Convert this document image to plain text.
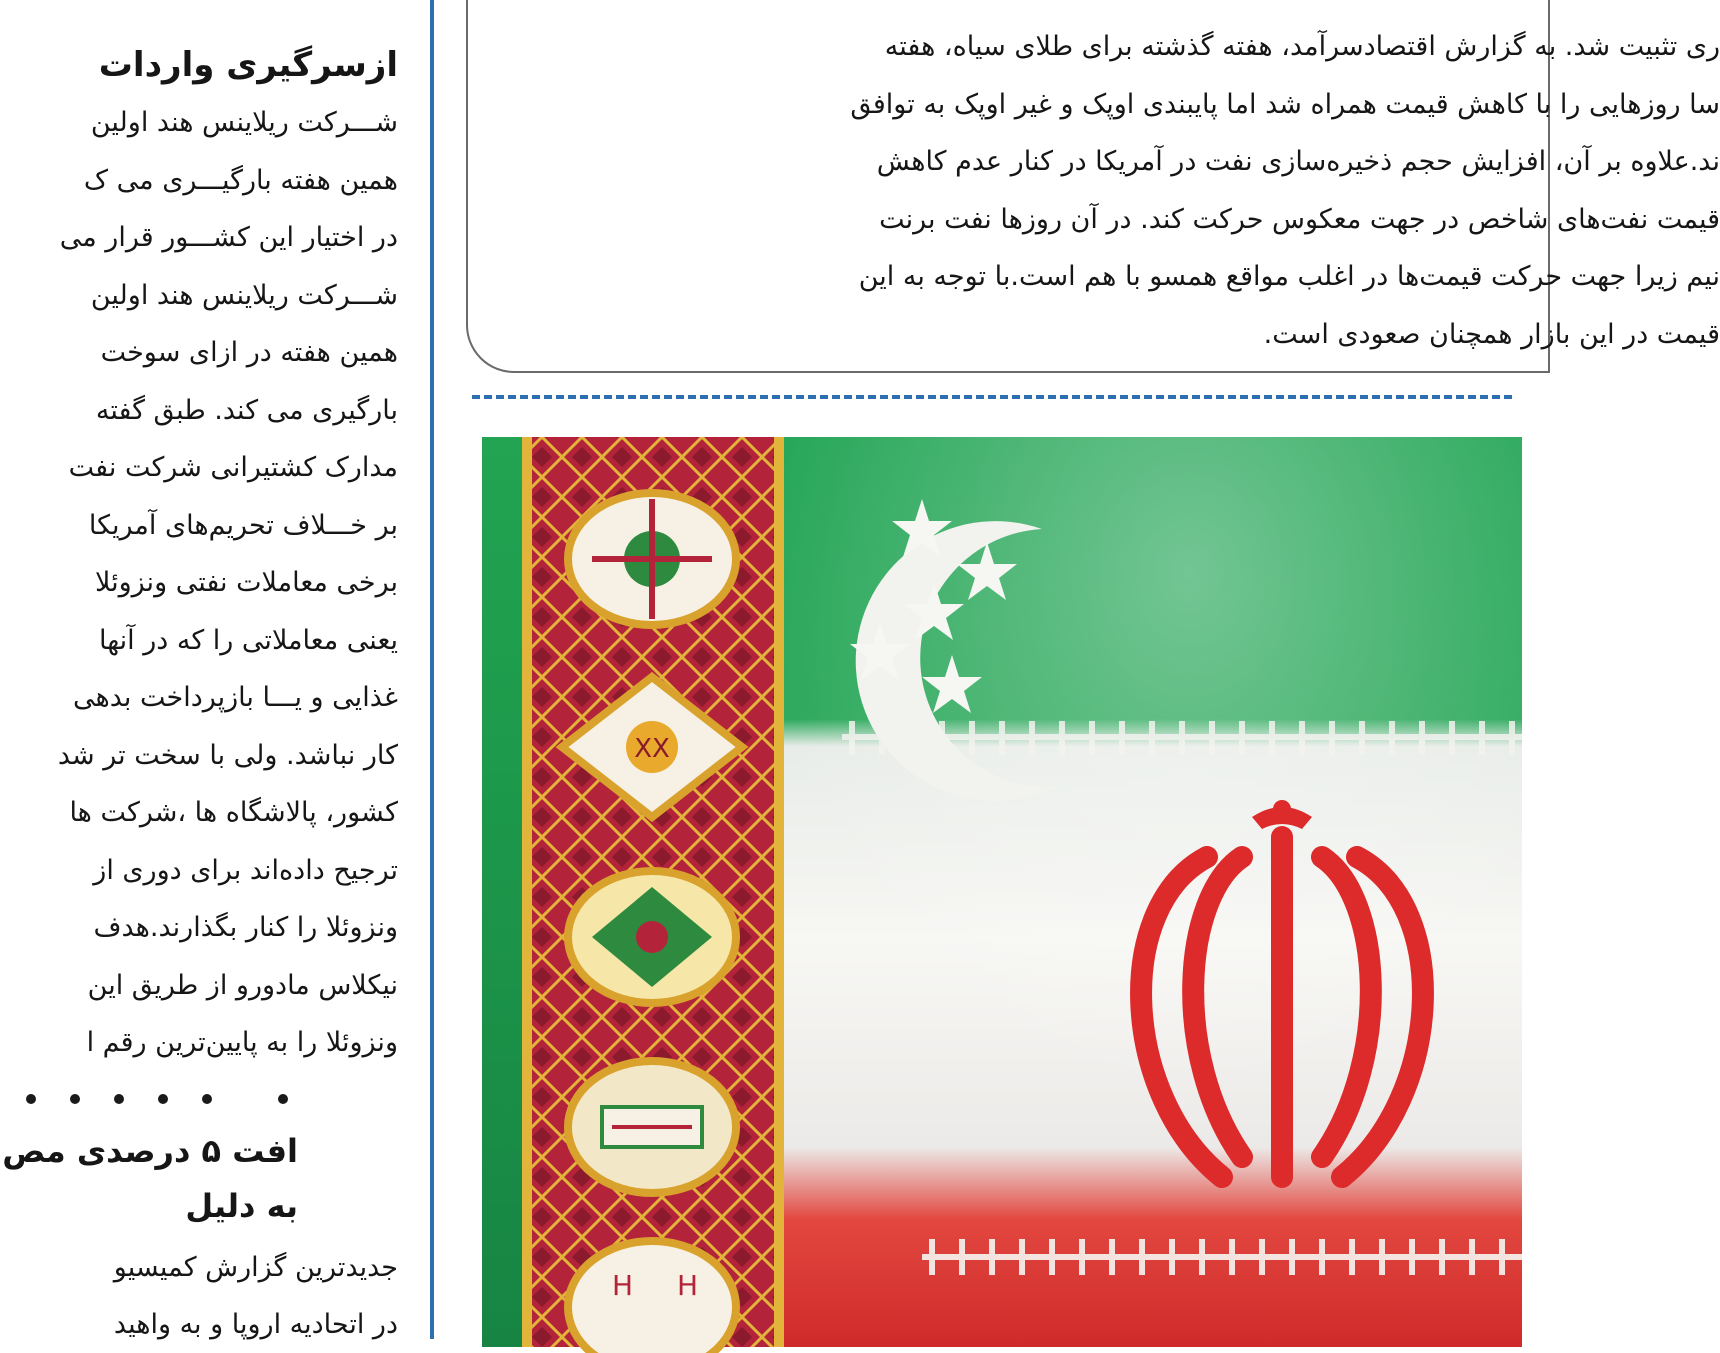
ازسرگیری واردات

شـــرکت ریلاینس هند اولین

همین هفته بارگیـــری می ک

در اختیار این کشـــور قرار می

شـــرکت ریلاینس هند اولین

همین هفته در ازای سوخت

بارگیری می کند. طبق گفته

مدارک کشتیرانی شرکت نفت

بر خـــلاف تحریم‌های آمریکا

برخی معاملات نفتی ونزوئلا

یعنی معاملاتی را که در آنها

غذایی و یـــا بازپرداخت بدهی

کار نباشد. ولی با سخت تر شد

کشور، پالاشگاه ها ،شرکت ها

ترجیح داده‌اند برای دوری از

ونزوئلا را کنار بگذارند.هدف

نیکلاس مادورو از طریق این

ونزوئلا را به پایین‌ترین رقم ا

افت ۵ درصدی مص

به دلیل

جدیدترین گزارش کمیسیو

در اتحادیه اروپا و به واهید

ری تثبیت شد. به گزارش اقتصادسرآمد، هفته گذشته برای طلای سیاه، هفته

سا روزهایی را با کاهش قیمت همراه شد اما پایبندی اوپک و غیر اوپک به توافق

ند.علاوه بر آن، افزایش حجم ذخیره‌سازی نفت در آمریکا در کنار عدم کاهش

قیمت نفت‌های شاخص در جهت معکوس حرکت کند. در آن روزها نفت برنت

نیم زیرا جهت حرکت قیمت‌ها در اغلب مواقع همسو با هم است.با توجه به این

قیمت در این بازار همچنان صعودی است.

XX
H H
